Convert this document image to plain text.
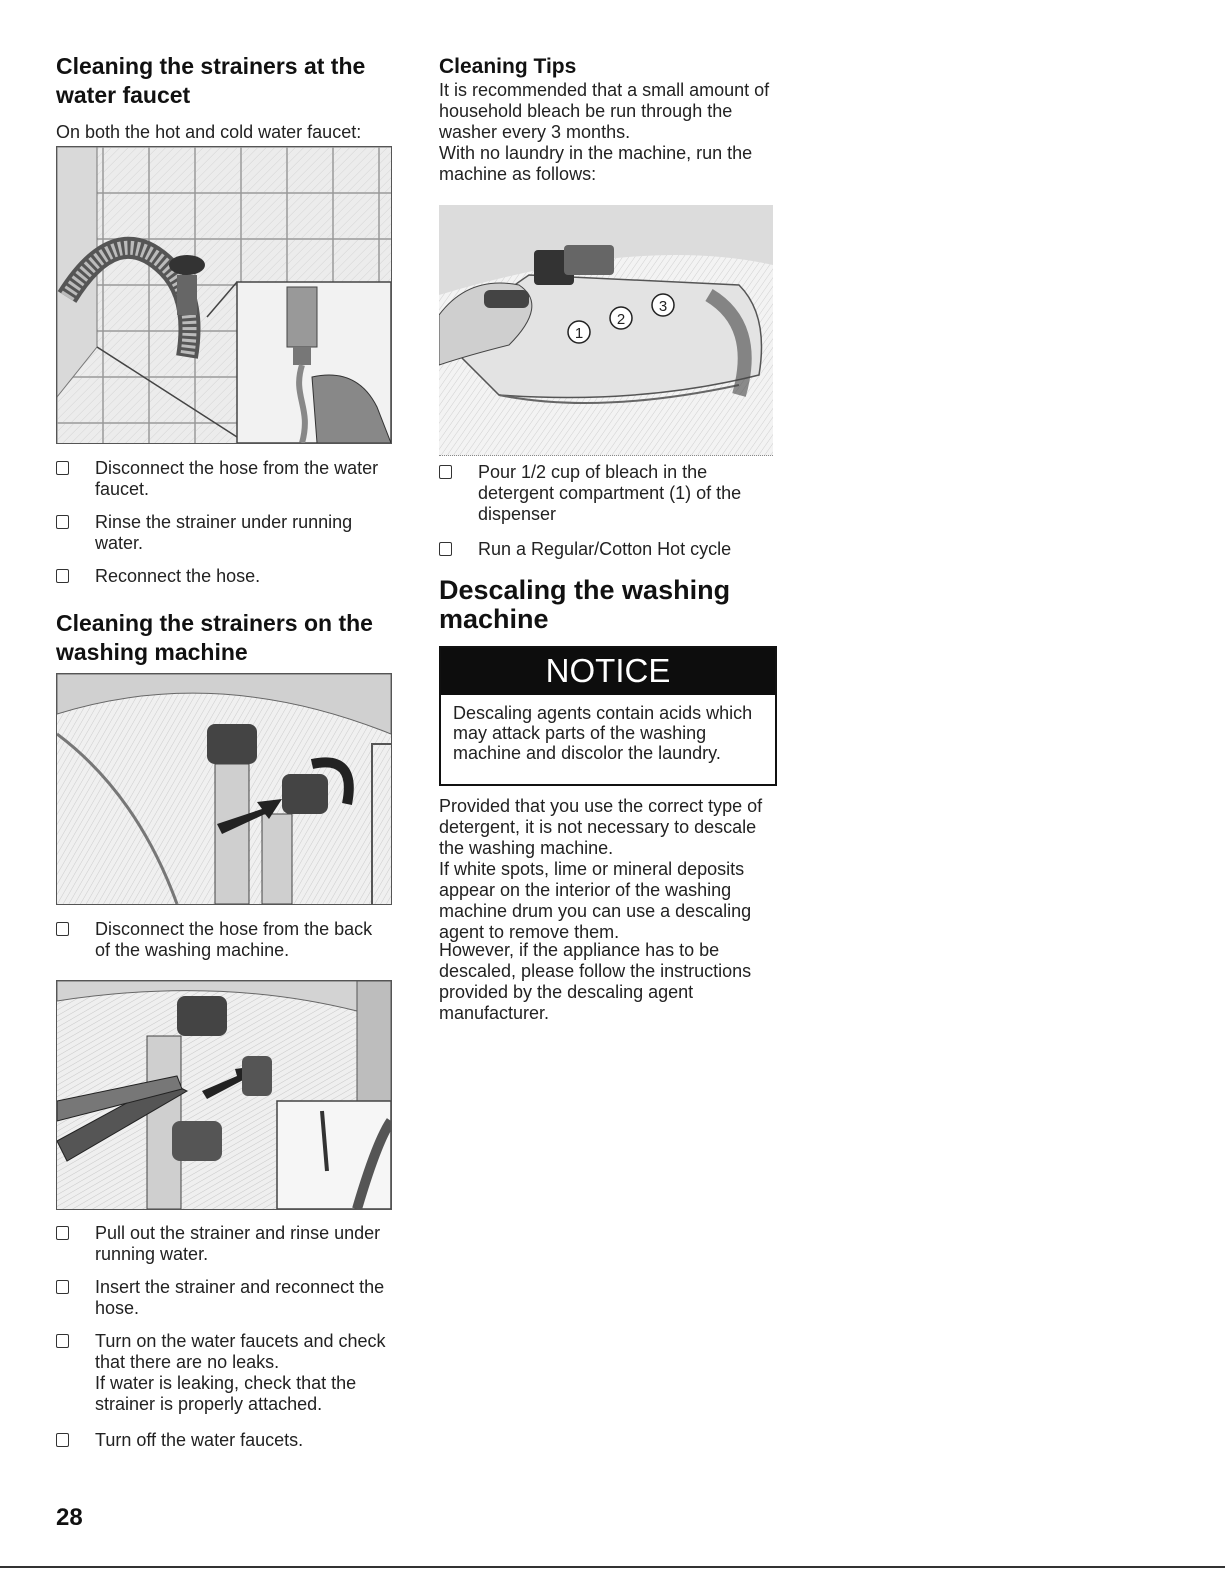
Cleaning the strainers at the water faucet

On both the hot and cold water faucet:

Disconnect the hose from the water faucet.

Rinse the strainer under running water.

Reconnect the hose.

Cleaning the strainers on the washing machine

Disconnect the hose from the back of the washing machine.

Pull out the strainer and rinse under running water.

Insert the strainer and reconnect the hose.

Turn on the water faucets and check that there are no leaks.
If water is leaking, check that the strainer is properly attached.

Turn off the water faucets.

Cleaning Tips

It is recommended that a small amount of household bleach be run through the washer every 3 months.

With no laundry in the machine, run the machine as follows:

1
2
3

Pour 1/2 cup of bleach in the detergent compartment (1) of the dispenser

Run a Regular/Cotton Hot cycle

Descaling the washing machine
NOTICE

Descaling agents contain acids which may attack parts of the washing machine and discolor the laundry.

Provided that you use the correct type of detergent, it is not necessary to descale the washing machine.

If white spots, lime or mineral deposits appear on the interior of the washing machine drum you can use a descaling agent to remove them.

However, if the appliance has to be descaled, please follow the instructions provided by the descaling agent manufacturer.

28
